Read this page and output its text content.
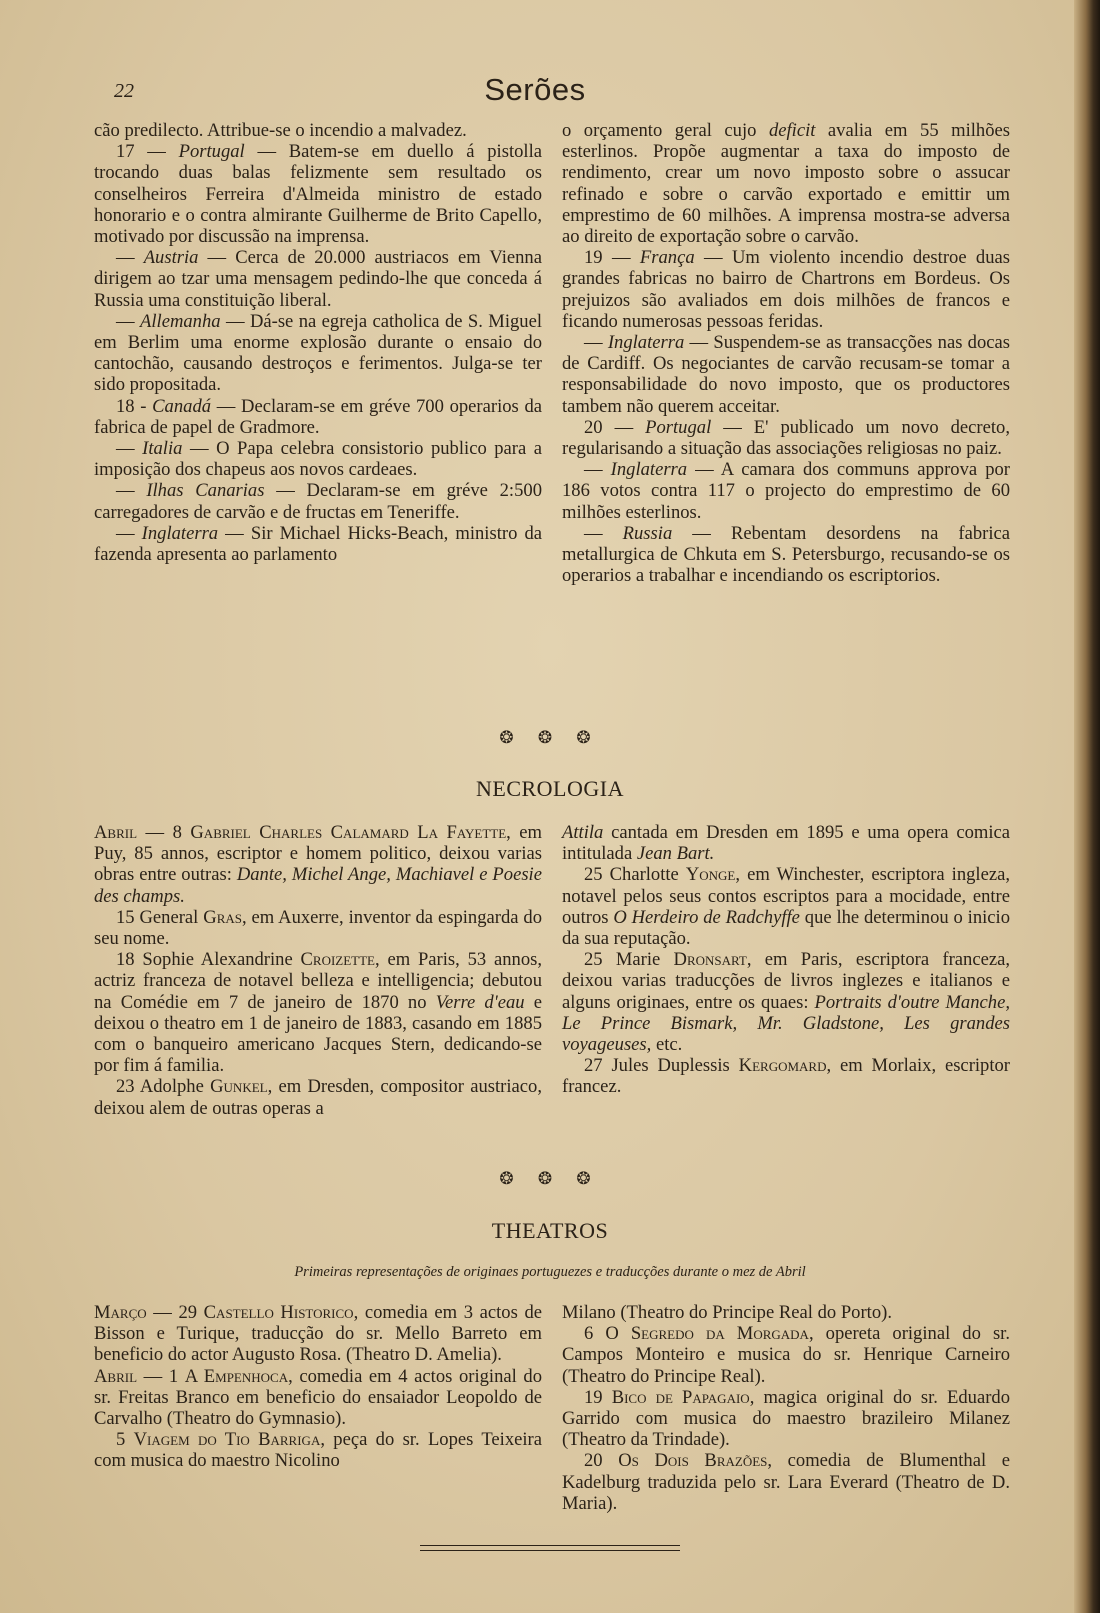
22	Serões

cão predilecto. Attribue-se o incendio a malvadez.

17 — Portugal — Batem-se em duello á pistolla trocando duas balas felizmente sem resultado os conselheiros Ferreira d'Almeida ministro de estado honorario e o contra almirante Guilherme de Brito Capello, motivado por discussão na imprensa.

— Austria — Cerca de 20.000 austriacos em Vienna dirigem ao tzar uma mensagem pedindo-lhe que conceda á Russia uma constituição liberal.

— Allemanha — Dá-se na egreja catholica de S. Miguel em Berlim uma enorme explosão durante o ensaio do cantochão, causando destroços e ferimentos. Julga-se ter sido propositada.

18 - Canadá — Declaram-se em gréve 700 operarios da fabrica de papel de Gradmore.

— Italia — O Papa celebra consistorio publico para a imposição dos chapeus aos novos cardeaes.

— Ilhas Canarias — Declaram-se em gréve 2:500 carregadores de carvão e de fructas em Teneriffe.

— Inglaterra — Sir Michael Hicks-Beach, ministro da fazenda apresenta ao parlamento

o orçamento geral cujo deficit avalia em 55 milhões esterlinos. Propõe augmentar a taxa do imposto de rendimento, crear um novo imposto sobre o assucar refinado e sobre o carvão exportado e emittir um emprestimo de 60 milhões. A imprensa mostra-se adversa ao direito de exportação sobre o carvão.

19 — França — Um violento incendio destroe duas grandes fabricas no bairro de Chartrons em Bordeus. Os prejuizos são avaliados em dois milhões de francos e ficando numerosas pessoas feridas.

— Inglaterra — Suspendem-se as transacções nas docas de Cardiff. Os negociantes de carvão recusam-se tomar a responsabilidade do novo imposto, que os productores tambem não querem acceitar.

20 — Portugal — E' publicado um novo decreto, regularisando a situação das associações religiosas no paiz.

— Inglaterra — A camara dos communs approva por 186 votos contra 117 o projecto do emprestimo de 60 milhões esterlinos.

— Russia — Rebentam desordens na fabrica metallurgica de Chkuta em S. Petersburgo, recusando-se os operarios a trabalhar e incendiando os escriptorios.

❂ ❂ ❂
NECROLOGIA

Abril — 8 Gabriel Charles Calamard La Fayette, em Puy, 85 annos, escriptor e homem politico, deixou varias obras entre outras: Dante, Michel Ange, Machiavel e Poesie des champs.

15 General Gras, em Auxerre, inventor da espingarda do seu nome.

18 Sophie Alexandrine Croizette, em Paris, 53 annos, actriz franceza de notavel belleza e intelligencia; debutou na Comédie em 7 de janeiro de 1870 no Verre d'eau e deixou o theatro em 1 de janeiro de 1883, casando em 1885 com o banqueiro americano Jacques Stern, dedicando-se por fim á familia.

23 Adolphe Gunkel, em Dresden, compositor austriaco, deixou alem de outras operas a

Attila cantada em Dresden em 1895 e uma opera comica intitulada Jean Bart.

25 Charlotte Yonge, em Winchester, escriptora ingleza, notavel pelos seus contos escriptos para a mocidade, entre outros O Herdeiro de Radchyffe que lhe determinou o inicio da sua reputação.

25 Marie Dronsart, em Paris, escriptora franceza, deixou varias traducções de livros inglezes e italianos e alguns originaes, entre os quaes: Portraits d'outre Manche, Le Prince Bismark, Mr. Gladstone, Les grandes voyageuses, etc.

27 Jules Duplessis Kergomard, em Morlaix, escriptor francez.

❂ ❂ ❂
THEATROS
Primeiras representações de originaes portuguezes e traducções durante o mez de Abril

Março — 29 Castello Historico, comedia em 3 actos de Bisson e Turique, traducção do sr. Mello Barreto em beneficio do actor Augusto Rosa. (Theatro D. Amelia).

Abril — 1 A Empenhoca, comedia em 4 actos original do sr. Freitas Branco em beneficio do ensaiador Leopoldo de Carvalho (Theatro do Gymnasio).

5 Viagem do Tio Barriga, peça do sr. Lopes Teixeira com musica do maestro Nicolino

Milano (Theatro do Principe Real do Porto).

6 O Segredo da Morgada, opereta original do sr. Campos Monteiro e musica do sr. Henrique Carneiro (Theatro do Principe Real).

19 Bico de Papagaio, magica original do sr. Eduardo Garrido com musica do maestro brazileiro Milanez (Theatro da Trindade).

20 Os Dois Brazões, comedia de Blumenthal e Kadelburg traduzida pelo sr. Lara Everard (Theatro de D. Maria).
